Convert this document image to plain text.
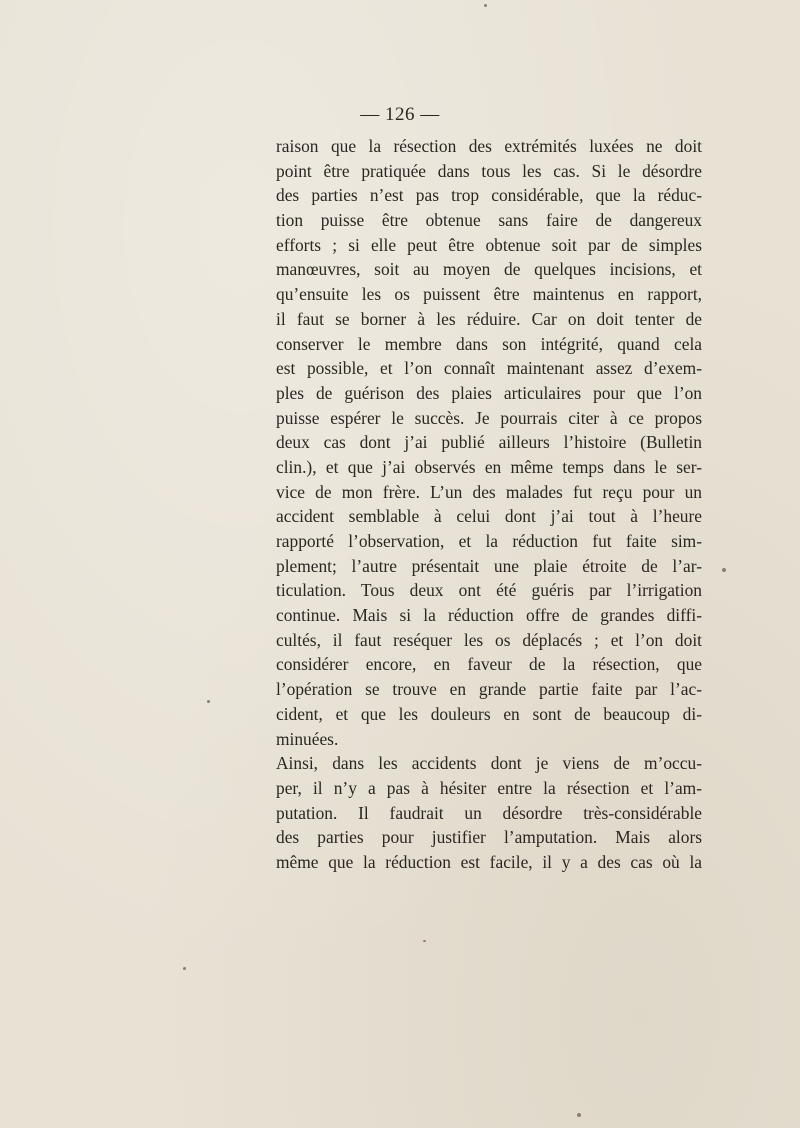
— 126 —
raison que la résection des extrémités luxées ne doit
point être pratiquée dans tous les cas. Si le désordre
des parties n’est pas trop considérable, que la réduc-
tion puisse être obtenue sans faire de dangereux
efforts ; si elle peut être obtenue soit par de simples
manœuvres, soit au moyen de quelques incisions, et
qu’ensuite les os puissent être maintenus en rapport,
il faut se borner à les réduire. Car on doit tenter de
conserver le membre dans son intégrité, quand cela
est possible, et l’on connaît maintenant assez d’exem-
ples de guérison des plaies articulaires pour que l’on
puisse espérer le succès. Je pourrais citer à ce propos
deux cas dont j’ai publié ailleurs l’histoire (Bulletin
clin.), et que j’ai observés en même temps dans le ser-
vice de mon frère. L’un des malades fut reçu pour un
accident semblable à celui dont j’ai tout à l’heure
rapporté l’observation, et la réduction fut faite sim-
plement; l’autre présentait une plaie étroite de l’ar-
ticulation. Tous deux ont été guéris par l’irrigation
continue. Mais si la réduction offre de grandes diffi-
cultés, il faut reséquer les os déplacés ; et l’on doit
considérer encore, en faveur de la résection, que
l’opération se trouve en grande partie faite par l’ac-
cident, et que les douleurs en sont de beaucoup di-
minuées.
Ainsi, dans les accidents dont je viens de m’occu-
per, il n’y a pas à hésiter entre la résection et l’am-
putation. Il faudrait un désordre très-considérable
des parties pour justifier l’amputation. Mais alors
même que la réduction est facile, il y a des cas où la
